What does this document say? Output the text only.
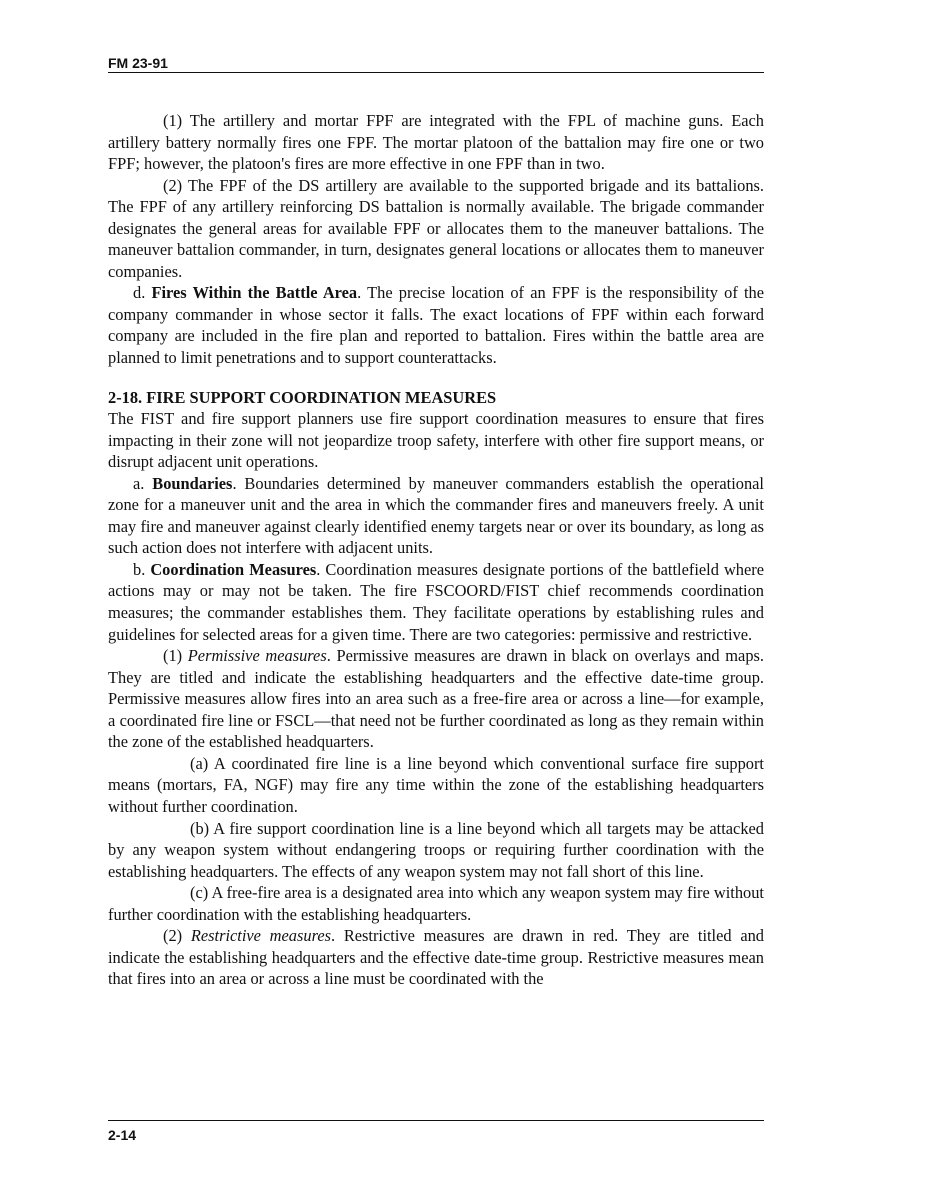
FM 23-91

(1) The artillery and mortar FPF are integrated with the FPL of machine guns. Each artillery battery normally fires one FPF. The mortar platoon of the battalion may fire one or two FPF; however, the platoon's fires are more effective in one FPF than in two.

(2) The FPF of the DS artillery are available to the supported brigade and its battalions. The FPF of any artillery reinforcing DS battalion is normally available. The brigade commander designates the general areas for available FPF or allocates them to the maneuver battalions. The maneuver battalion commander, in turn, designates general locations or allocates them to maneuver companies.

d. Fires Within the Battle Area. The precise location of an FPF is the responsibility of the company commander in whose sector it falls. The exact locations of FPF within each forward company are included in the fire plan and reported to battalion. Fires within the battle area are planned to limit penetrations and to support counterattacks.

2-18. FIRE SUPPORT COORDINATION MEASURES

The FIST and fire support planners use fire support coordination measures to ensure that fires impacting in their zone will not jeopardize troop safety, interfere with other fire support means, or disrupt adjacent unit operations.

a. Boundaries. Boundaries determined by maneuver commanders establish the operational zone for a maneuver unit and the area in which the commander fires and maneuvers freely. A unit may fire and maneuver against clearly identified enemy targets near or over its boundary, as long as such action does not interfere with adjacent units.

b. Coordination Measures. Coordination measures designate portions of the battlefield where actions may or may not be taken. The fire FSCOORD/FIST chief recommends coordination measures; the commander establishes them. They facilitate operations by establishing rules and guidelines for selected areas for a given time. There are two categories: permissive and restrictive.

(1) Permissive measures. Permissive measures are drawn in black on overlays and maps. They are titled and indicate the establishing headquarters and the effective date-time group. Permissive measures allow fires into an area such as a free-fire area or across a line—for example, a coordinated fire line or FSCL—that need not be further coordinated as long as they remain within the zone of the established headquarters.

(a) A coordinated fire line is a line beyond which conventional surface fire support means (mortars, FA, NGF) may fire any time within the zone of the establishing headquarters without further coordination.

(b) A fire support coordination line is a line beyond which all targets may be attacked by any weapon system without endangering troops or requiring further coordination with the establishing headquarters. The effects of any weapon system may not fall short of this line.

(c) A free-fire area is a designated area into which any weapon system may fire without further coordination with the establishing headquarters.

(2) Restrictive measures. Restrictive measures are drawn in red. They are titled and indicate the establishing headquarters and the effective date-time group. Restrictive measures mean that fires into an area or across a line must be coordinated with the

2-14
